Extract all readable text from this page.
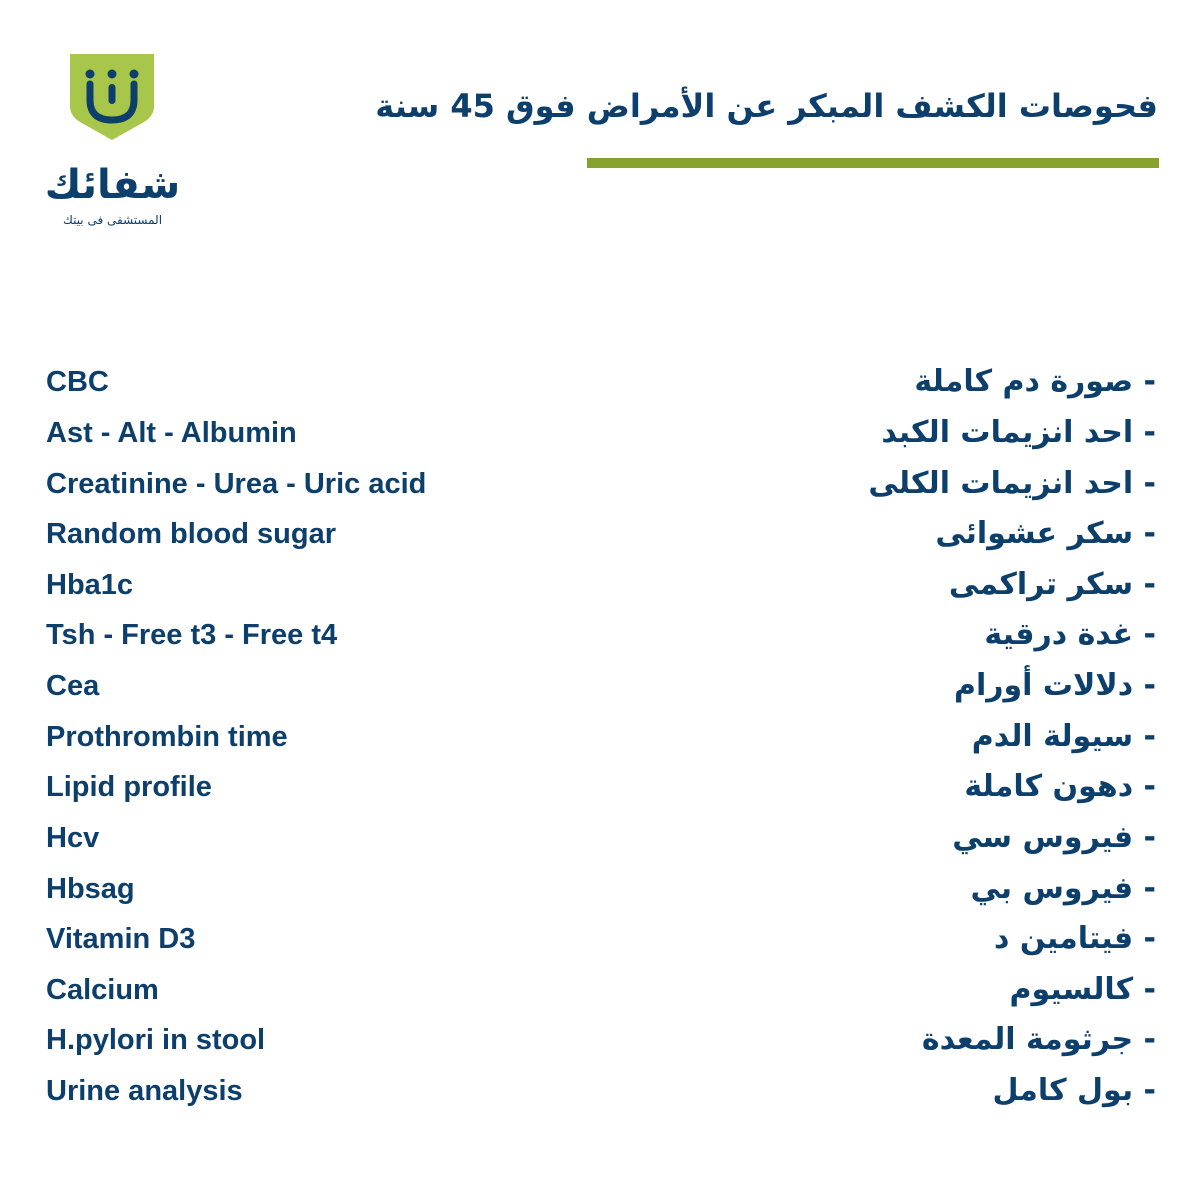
شفائك
المستشفى فى بيتك
فحوصات الكشف المبكر عن الأمراض فوق 45 سنة
CBC	- صورة دم كاملة
Ast - Alt - Albumin	- احد انزيمات الكبد
Creatinine - Urea - Uric acid	- احد انزيمات الكلى
Random blood sugar	- سكر عشوائى
Hba1c	- سكر تراكمى
Tsh - Free t3 - Free t4	- غدة درقية
Cea	- دلالات أورام
Prothrombin time	- سيولة الدم
Lipid profile	- دهون كاملة
Hcv	- فيروس سي
Hbsag	- فيروس بي
Vitamin D3	- فيتامين د
Calcium	- كالسيوم
H.pylori in stool	- جرثومة المعدة
Urine analysis	- بول كامل
